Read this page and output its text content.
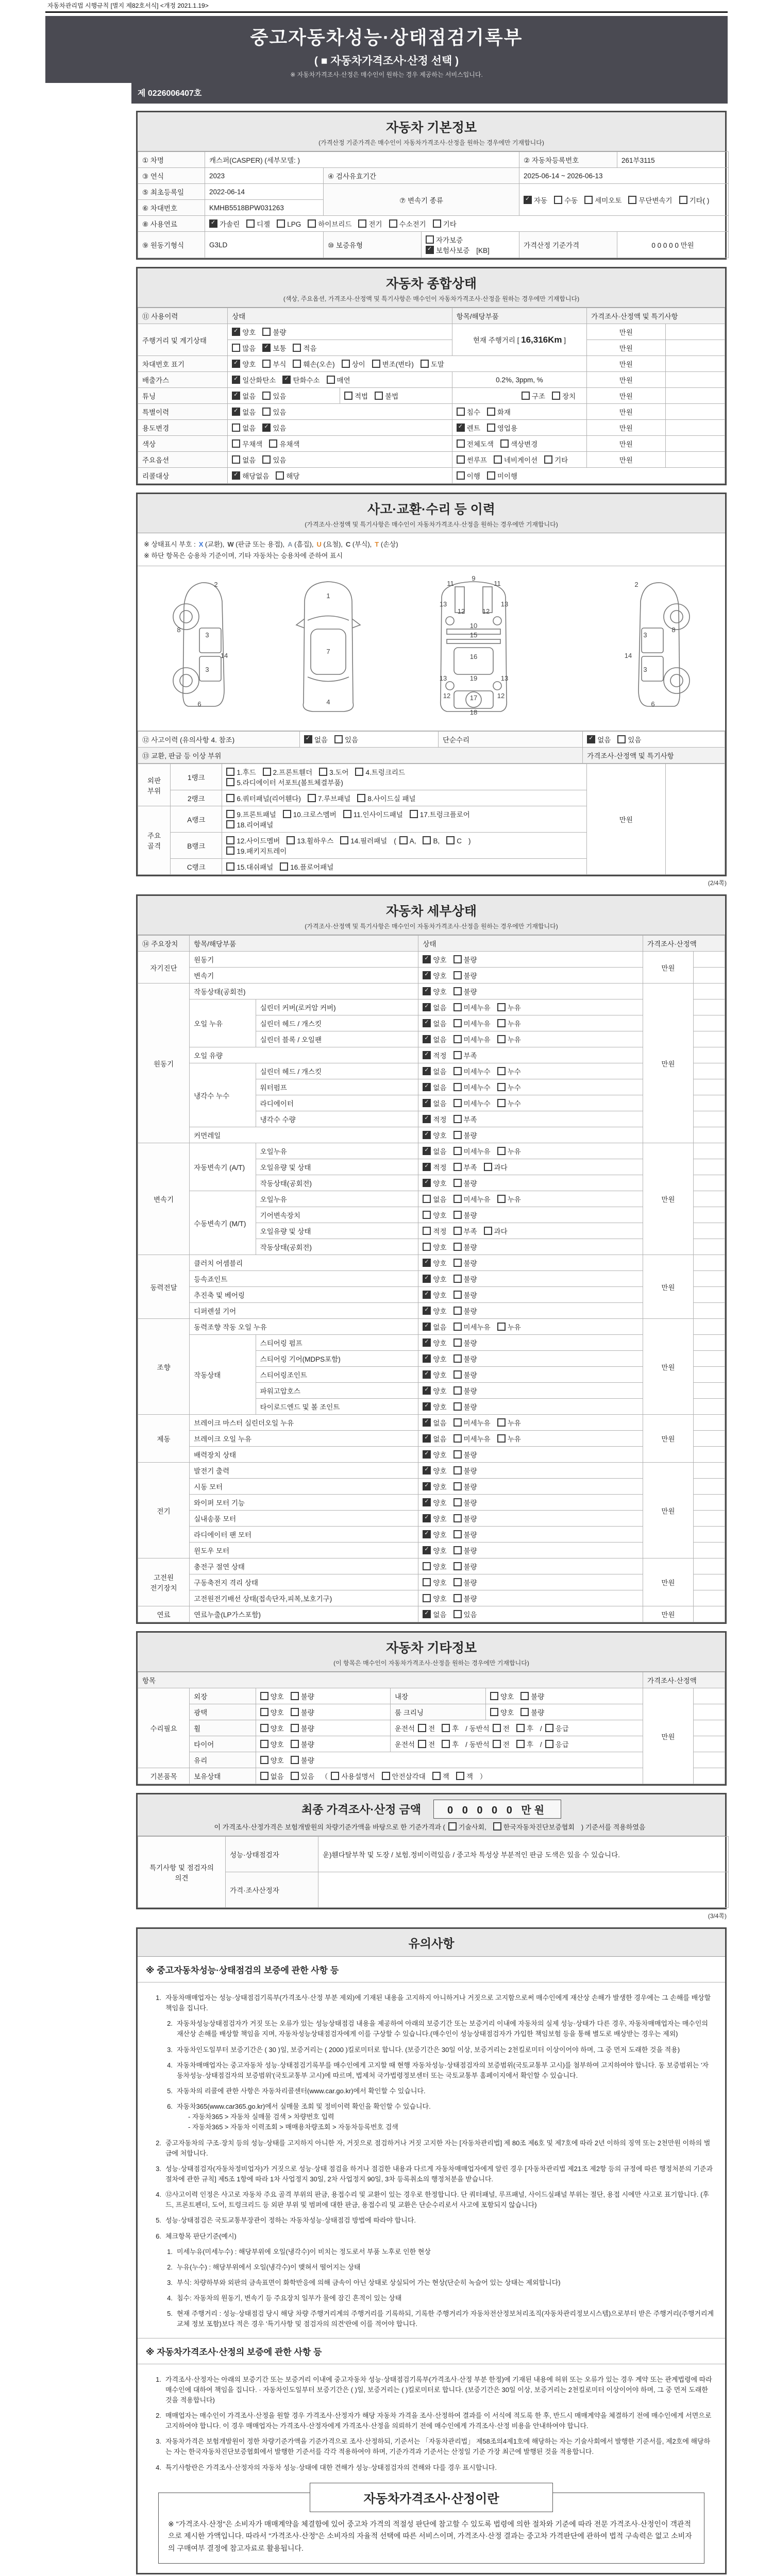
자동차관리법 시행규칙 [별지 제82호서식] <개정 2021.1.19>
중고자동차성능·상태점검기록부
( ■ 자동차가격조사·산정 선택 )
※ 자동차가격조사·산정은 매수인이 원하는 경우 제공하는 서비스입니다.
제 0226006407호
자동차 기본정보
(가격산정 기준가격은 매수인이 자동차가격조사·산정을 원하는 경우에만 기재합니다)
① 차명	캐스퍼(CASPER) (세부모델: )			② 자동차등록번호	261부3115
③ 연식	2023	④ 검사유효기간		2025-06-14 ~ 2026-06-13	
⑤ 최초등록일	2022-06-14	⑦ 변속기 종류	✓자동 수동 세미오토 무단변속기 기타( )
⑥ 차대번호	KMHB5518BPW031263				
⑧ 사용연료	✓가솔린 디젤 LPG 하이브리드 전기 수소전기 기타
⑨ 원동기형식	G3LD	⑩ 보증유형	자가보증✓보험사보증 [KB]	가격산정 기준가격	0 0 0 0 0 만원
자동차 종합상태
(색상, 주요옵션, 가격조사·산정액 및 특기사항은 매수인이 자동차가격조사·산정을 원하는 경우에만 기재합니다)
⑪ 사용이력	상태		항목/해당부품	가격조사·산정액 및 특기사항	
주행거리 및 계기상태	✓양호 불량		현재 주행거리 [ 16,316Km ]	만원	
	많음 ✓ 보통 적음			만원	
차대번호 표기	✓양호 부식 훼손(오손) 상이 변조(변타) 도말			만원	
배출가스	✓일산화탄소 ✓ 탄화수소 매연		0.2%, 3ppm, %	만원	
튜닝	✓없음 있음	적법 불법	구조 장치	만원	
특별이력	✓없음 있음		침수 화재	만원	
용도변경	없음 ✓ 있음	✓렌트 영업용	만원	
색상	무채색 유채색		전체도색 색상변경	만원	
주요옵션	없음 있음		썬루프 네비게이션 기타	만원	
리콜대상	✓해당없음 해당		이행 미이행		
사고·교환·수리 등 이력
(가격조사·산정액 및 특기사항은 매수인이 자동차가격조사·산정을 원하는 경우에만 기재합니다)
※ 상태표시 부호 : X (교환), W (판금 또는 용접), A (흠집), U (요철), C (부식), T (손상)
※ 하단 항목은 승용차 기준이며, 기타 자동차는 승용차에 준하여 표시
2
8
3
14
3
6
1
7
4
11
9
11
13
12	12
13
10
15
16
13	19	13
12	17	12
18
2
8
3
14
3
6
⑫ 사고이력 (유의사항 4. 참조)	✓없음 있음	단순수리	✓없음 있음
⑬ 교환, 판금 등 이상 부위			가격조사·산정액 및 특기사항
외판 부위	1랭크	1.후드 2.프론트휀더 3.도어 4.트렁크리드
5.라디에이터 서포트(볼트체결부품)	만원	
	2랭크	6.쿼터패널(리어휀다) 7.루브패널 8.사이드실 패널		

주요 골격	A랭크	9.프론트패널 10.크로스멤버 11.인사이드패널 17.트렁크플로어
18.리어패널		

	B랭크	12.사이드멤버 13.휠하우스 14.필러패널 ( A, B, C )
19.패키지트레이		

	C랭크	15.대쉬패널 16.플로어패널		
(2/4쪽)
자동차 세부상태
(가격조사·산정액 및 특기사항은 매수인이 자동차가격조사·산정을 원하는 경우에만 기재합니다)
⑭ 주요장치	항목/해당부품		상태	가격조사·산정액	
자기진단	원동기	✓양호 불량	만원	
	변속기	✓양호 불량	
원동기	작동상태(공회전)	✓양호 불량	만원	
	오일 누유	실린더 커버(로커암 커버)	✓없음 미세누유 누유	
		실린더 헤드 / 개스킷	✓없음 미세누유 누유	
		실린더 블록 / 오일팬	✓없음 미세누유 누유	
	오일 유량	✓적정 부족	
	냉각수 누수	실린더 헤드 / 개스킷	✓없음 미세누수 누수	
		워터펌프	✓없음 미세누수 누수	
		라디에이터	✓없음 미세누수 누수	
		냉각수 수량	✓적정 부족	
	커먼레일	✓양호 불량	
변속기	자동변속기 (A/T)	오일누유	✓없음 미세누유 누유	만원	
		오일유량 및 상태	✓적정 부족 과다	
		작동상태(공회전)	✓양호 불량	
	수동변속기 (M/T)	오일누유	없음 미세누유 누유		
		기어변속장치	양호 불량		
		오일유량 및 상태	적정 부족 과다		
		작동상태(공회전)	양호 불량		
동력전달	클러치 어셈블리	✓양호 불량	만원	
	등속죠인트	✓양호 불량	
	추진축 및 베어링	✓양호 불량	
	디퍼렌셜 기어	✓양호 불량	
조향	동력조향 작동 오일 누유	✓없음 미세누유 누유	만원	
	작동상태	스티어링 펌프	✓양호 불량	
		스티어링 기어(MDPS포함)	✓양호 불량	
		스티어링조인트	✓양호 불량	
		파워고압호스	✓양호 불량	
		타이로드엔드 및 볼 조인트	✓양호 불량	
제동	브레이크 마스터 실린더오일 누유	✓없음 미세누유 누유	만원	
	브레이크 오일 누유	✓없음 미세누유 누유	
	배력장치 상태	✓양호 불량	
전기	발전기 출력	✓양호 불량	만원	
	시동 모터	✓양호 불량	
	와이퍼 모터 기능	✓양호 불량	
	실내송풍 모터	✓양호 불량	
	라디에이터 팬 모터	✓양호 불량	
	윈도우 모터	✓양호 불량	
고전원 전기장치	충전구 절연 상태		양호 불량	만원	
	구동축전지 격리 상태		양호 불량		
	고전원전기배선 상태(접속단자,피복,보호기구)		양호 불량		
연료	연료누출(LP가스포함)	✓없음 있음	만원	
자동차 기타정보
(이 항목은 매수인이 자동차가격조사·산정을 원하는 경우에만 기재합니다)
항목					가격조사·산정액	
수리필요	외장	양호 불량	내장	양호 불량	만원	
	광택	양호 불량	룸 크리닝	양호 불량		
	휠	양호 불량	운전석 전 후 / 동반석 전 후 / 응급			
	타이어	양호 불량	운전석 전 후 / 동반석 전 후 / 응급			
	유리	양호 불량				
기본품목	보유상태	없음 있음 （ 사용설명서 안전삼각대 잭 잭 ）				
최종 가격조사·산정 금액	0 0 0 0 0 만원
이 가격조사·산정가격은 보험개발원의 차량기준가액을 바탕으로 한 기준가격과 ( 기술사회,	한국자동차진단보증협회 ) 기준서를 적용하였음
특기사항 및 점검자의 의견	성능·상태점검자	운)휀다탈부착 및 도장 / 보험.정비이력있음 / 중고차 특성상 부분적인 판금 도색은 있을 수 있습니다.
	가격·조사산정자	
(3/4쪽)
유의사항
※ 중고자동차성능·상태점검의 보증에 관한 사항 등
1. 자동차매매업자는 성능·상태점검기록부(가격조사·산정 부분 제외)에 기재된 내용을 고지하지 아니하거나 거짓으로 고지함으로써 매수인에게 재산상 손해가 발생한 경우에는 그 손해를 배상할 책임을 집니다.
2. 자동차성능상태점검자가 거짓 또는 오류가 있는 성능상태점검 내용을 제공하여 아래의 보증기간 또는 보증거리 이내에 자동차의 실제 성능·상태가 다른 경우, 자동차매매업자는 매수인의 재산상 손해를 배상할 책임을 지며, 자동차성능상태점검자에게 이를 구상할 수 있습니다.(매수인이 성능상태점검자가 가입한 책임보험 등을 통해 별도로 배상받는 경우는 제외)
3. 자동차인도일부터 보증기간은 ( 30 )일, 보증거리는 ( 2000 )킬로미터로 합니다. (보증기간은 30일 이상, 보증거리는 2천킬로미터 이상이어야 하며, 그 중 먼저 도래한 것을 적용)
4. 자동차매매업자는 중고자동차 성능·상태점검기록부를 매수인에게 고지할 때 현행 자동차성능·상태점검자의 보증범위(국토교통부 고시)를 첨부하여 고지하여야 합니다. 동 보증범위는 '자동차성능·상태점검자의 보증범위'(국토교통부 고시)에 따르며, 법제처 국가법령정보센터 또는 국토교통부 홈페이지에서 확인할 수 있습니다.
5. 자동차의 리콜에 관한 사항은 자동차리콜센터(www.car.go.kr)에서 확인할 수 있습니다.
6. 자동차365(www.car365.go.kr)에서 실매물 조회 및 정비이력 확인을 확인할 수 있습니다.
- 자동차365 > 자동차 실매물 검색 > 차량번호 입력
- 자동차365 > 자동차 이력조회 > 매매용차량조회 > 자동차등록번호 검색
2. 중고자동차의 구조·장치 등의 성능·상태를 고지하지 아니한 자, 거짓으로 점검하거나 거짓 고지한 자는 [자동차관리법] 제 80조 제6호 및 제7호에 따라 2년 이하의 징역 또는 2천만원 이하의 벌금에 처합니다.
3. 성능·상태점검자(자동차정비업자)가 거짓으로 성능·상태 점검을 하거나 점검한 내용과 다르게 자동차매매업자에게 알린 경우 [자동차관리법 제21조 제2항 등의 규정에 따른 행정처분의 기준과 절차에 관한 규칙] 제5조 1항에 따라 1차 사업정지 30일, 2차 사업정지 90일, 3차 등록취소의 행정처분을 받습니다.
4. ⑫사고이력 인정은 사고로 자동차 주요 골격 부위의 판금, 용접수리 및 교환이 있는 경우로 한정합니다. 단 쿼터패널, 루프패널, 사이드실패널 부위는 절단, 용접 시에만 사고로 표기합니다. (후드, 프론트펜더, 도어, 트렁크리드 등 외판 부위 및 범퍼에 대한 판금, 용접수리 및 교환은 단순수리로서 사고에 포함되지 않습니다)
5. 성능·상태점검은 국토교통부장관이 정하는 자동차성능·상태점검 방법에 따라야 합니다.
6. 체크항목 판단기준(예시)
1. 미세누유(미세누수) : 해당부위에 오일(냉각수)이 비치는 정도로서 부품 노후로 인한 현상
2. 누유(누수) : 해당부위에서 오일(냉각수)이 맺혀서 떨어지는 상태
3. 부식: 차량하부와 외판의 금속표면이 화학반응에 의해 금속이 아닌 상태로 상실되어 가는 현상(단순히 녹슬어 있는 상태는 제외합니다)
4. 침수: 자동차의 원동기, 변속기 등 주요장치 일부가 물에 잠긴 흔적이 있는 상태
5. 현재 주행거리 : 성능·상태점검 당시 해당 차량 주행거리계의 주행거리를 기록하되, 기록한 주행거리가 자동차전산정보처리조직(자동차관리정보시스템)으로부터 받은 주행거리(주행거리계 교체 정보 포함)보다 적은 경우 '특기사항 및 점검자의 의견'란에 이를 적어야 합니다.
※ 자동차가격조사·산정의 보증에 관한 사항 등
1. 가격조사·산정자는 아래의 보증기간 또는 보증거리 이내에 중고자동차 성능·상태점검기록부(가격조사·산정 부분 한정)에 기재된 내용에 허위 또는 오류가 있는 경우 계약 또는 관계법령에 따라 매수인에 대하여 책임을 집니다. · 자동차인도일부터 보증기간은 ( )일, 보증거리는 ( )킬로미터로 합니다. (보증기간은 30일 이상, 보증거리는 2천킬로미터 이상이어야 하며, 그 중 먼저 도래한 것을 적용합니다)
2. 매매업자는 매수인이 가격조사·산정을 원할 경우 가격조사·산정자가 해당 자동차 가격을 조사·산정하여 결과를 이 서식에 적도록 한 후, 반드시 매매계약을 체결하기 전에 매수인에게 서면으로 고지하여야 합니다. 이 경우 매매업자는 가격조사·산정자에게 가격조사·산정을 의뢰하기 전에 매수인에게 가격조사·산정 비용을 안내하여야 합니다.
3. 자동차가격은 보험개발원이 정한 차량기준가액을 기준가격으로 조사·산정하되, 기준서는 「자동차관리법」 제58조의4제1호에 해당하는 자는 기술사회에서 발행한 기준서를, 제2호에 해당하는 자는 한국자동차진단보증협회에서 발행한 기준서를 각각 적용하여야 하며, 기준가격과 기준서는 산정일 기준 가장 최근에 발행된 것을 적용합니다.
4. 특기사항란은 가격조사·산정자의 자동차 성능·상태에 대한 견해가 성능·상태점검자의 견해와 다를 경우 표시합니다.
자동차가격조사·산정이란
※ "가격조사·산정"은 소비자가 매매계약을 체결함에 있어 중고차 가격의 적절성 판단에 참고할 수 있도록 법령에 의한 절차와 기준에 따라 전문 가격조사·산정인이 객관적으로 제시한 가액입니다. 따라서 "가격조사·산정"은 소비자의 자율적 선택에 따른 서비스이며, 가격조사·산정 결과는 중고차 가격판단에 관하여 법적 구속력은 없고 소비자의 구매여부 결정에 참고자료로 활용됩니다.
